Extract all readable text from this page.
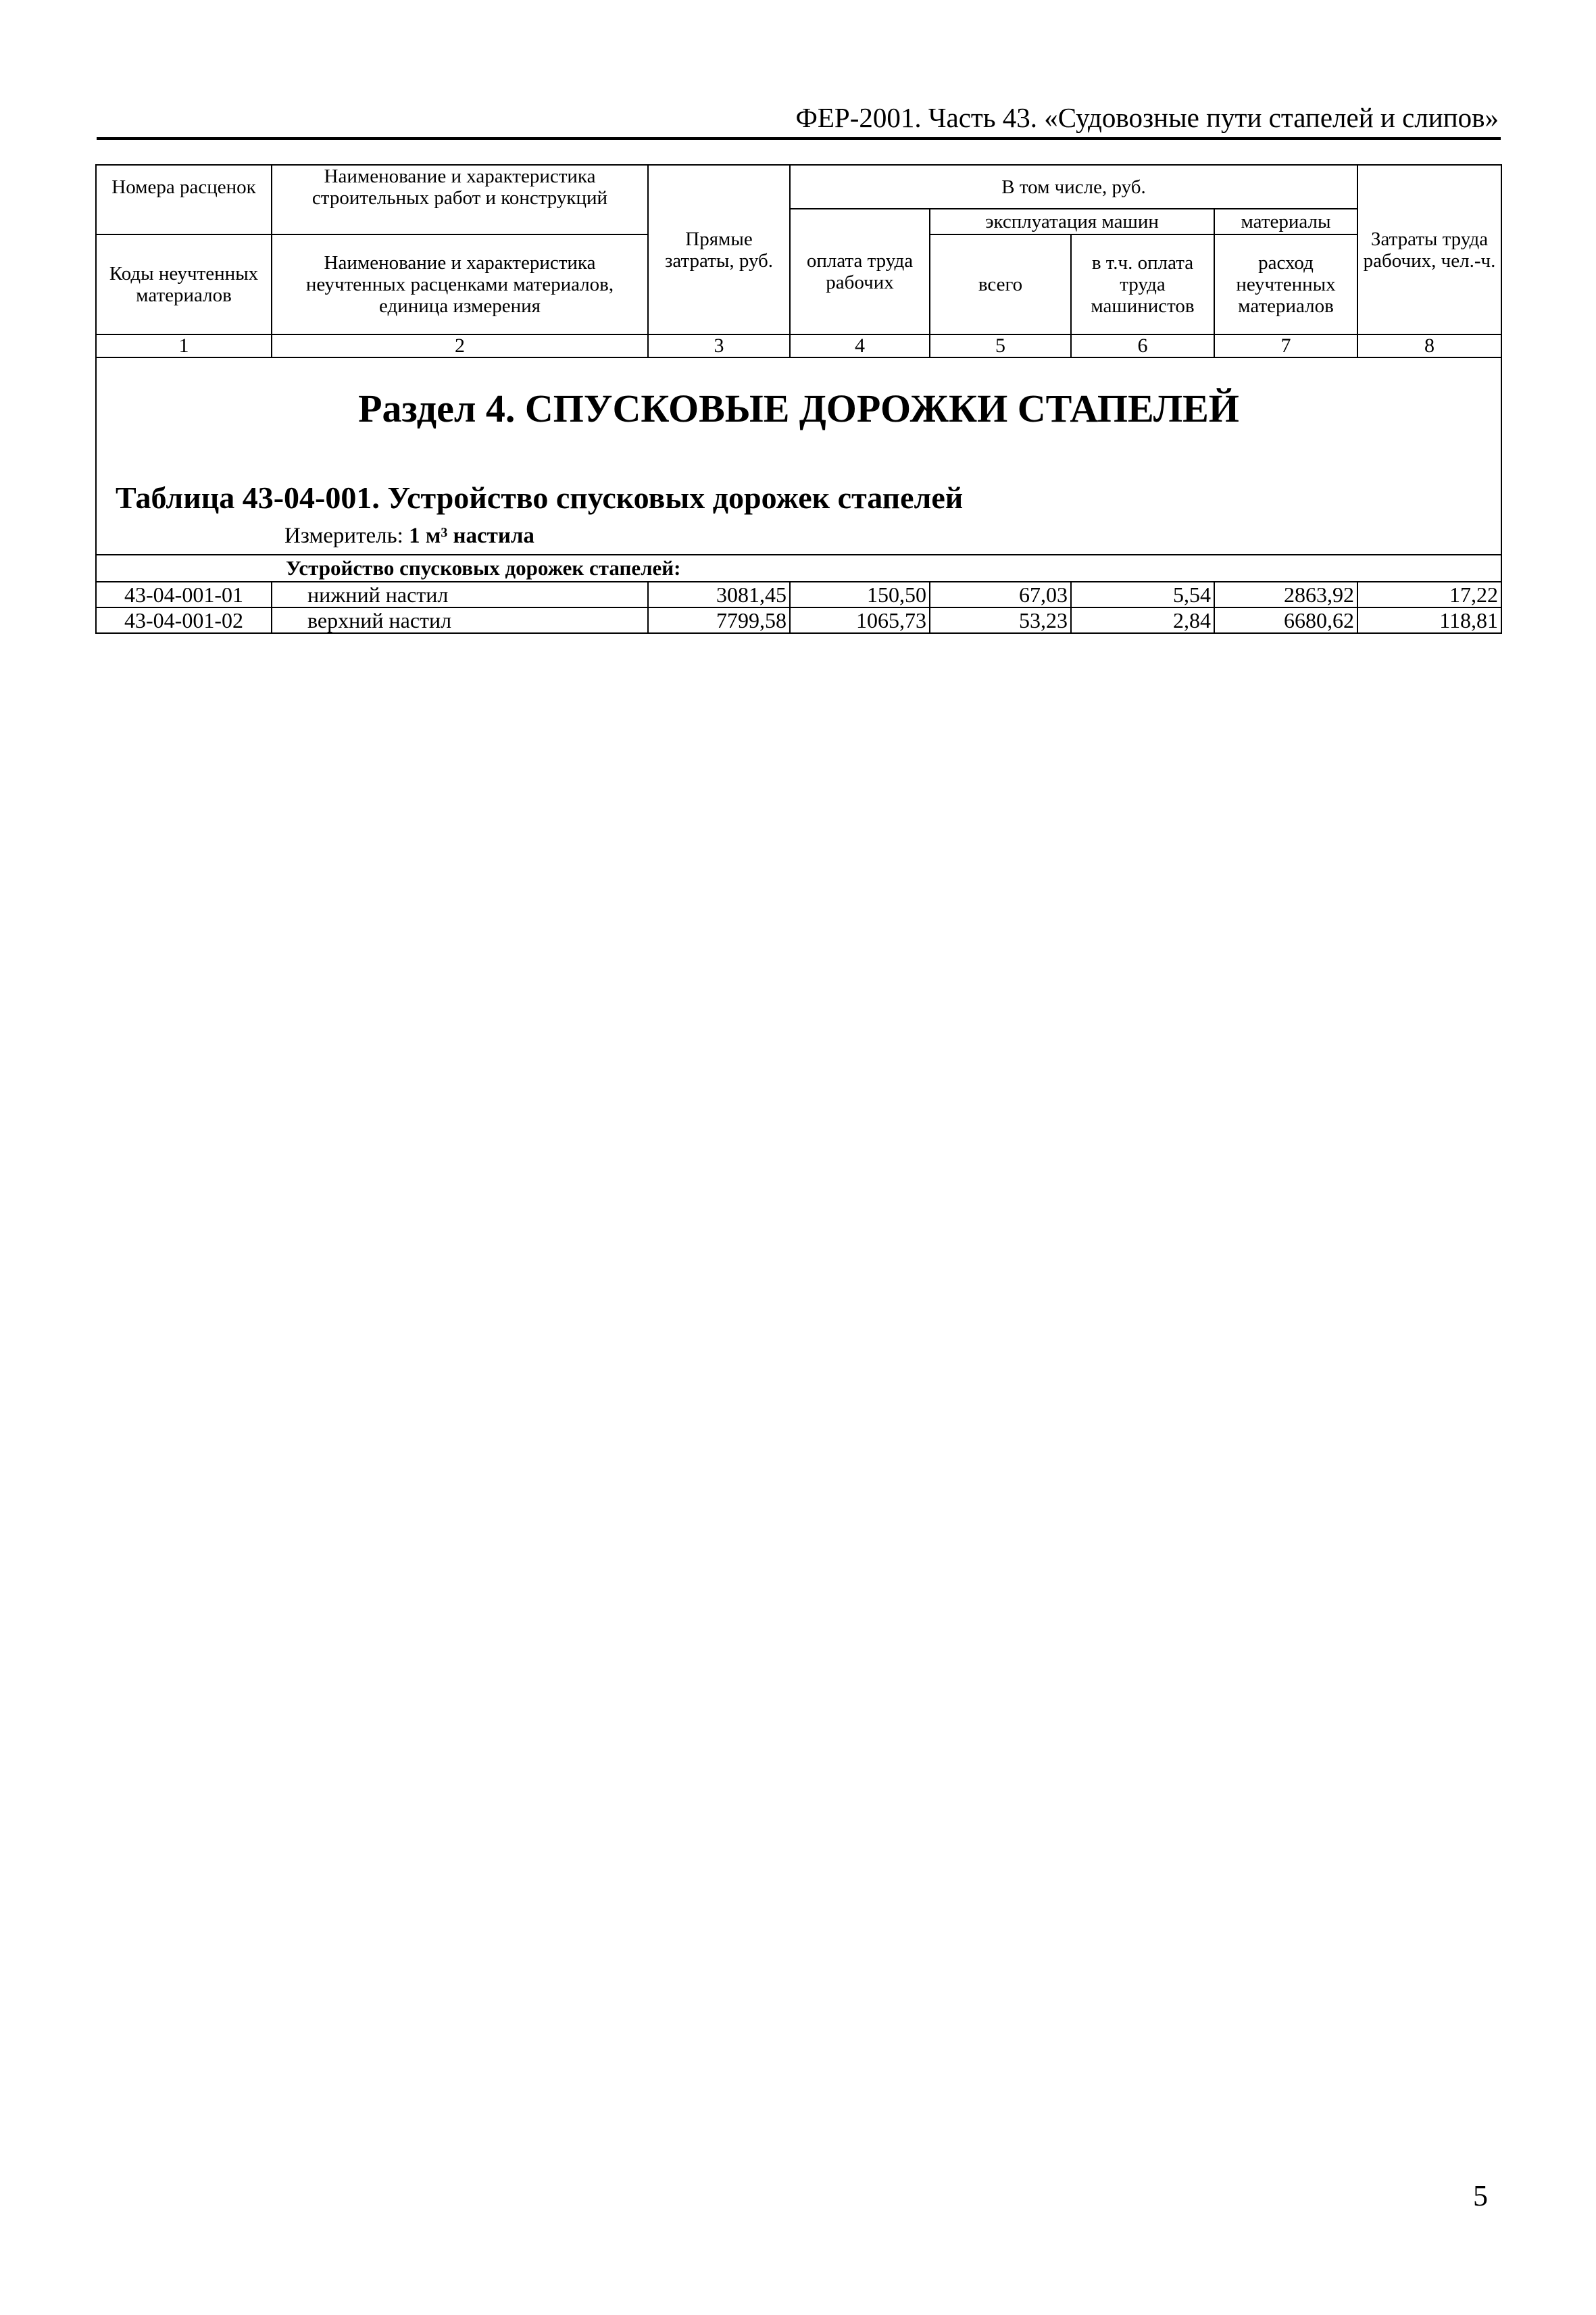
ФЕР-2001. Часть 43. «Судовозные пути стапелей и слипов»
Номера расценок	Наименование и характеристика строительных работ и конструкций	Прямые затраты, руб.	В том числе, руб.				Затраты труда рабочих, чел.-ч.
			оплата труда рабочих	эксплуатация машин		материалы	
Коды неучтенных материалов	Наименование и характеристика неучтенных расценками материалов, единица измерения			всего	в т.ч. оплата труда машинистов	расход неучтенных материалов	

1	2	3	4	5	6	7	8

Раздел 4. СПУСКОВЫЕ ДОРОЖКИ СТАПЕЛЕЙ
Таблица 43-04-001. Устройство спусковых дорожек стапелей
Измеритель: 1 м³ настила							

Устройство спусковых дорожек стапелей:							
43-04-001-01	нижний настил	3081,45	150,50	67,03	5,54	2863,92	17,22
43-04-001-02	верхний настил	7799,58	1065,73	53,23	2,84	6680,62	118,81
5
